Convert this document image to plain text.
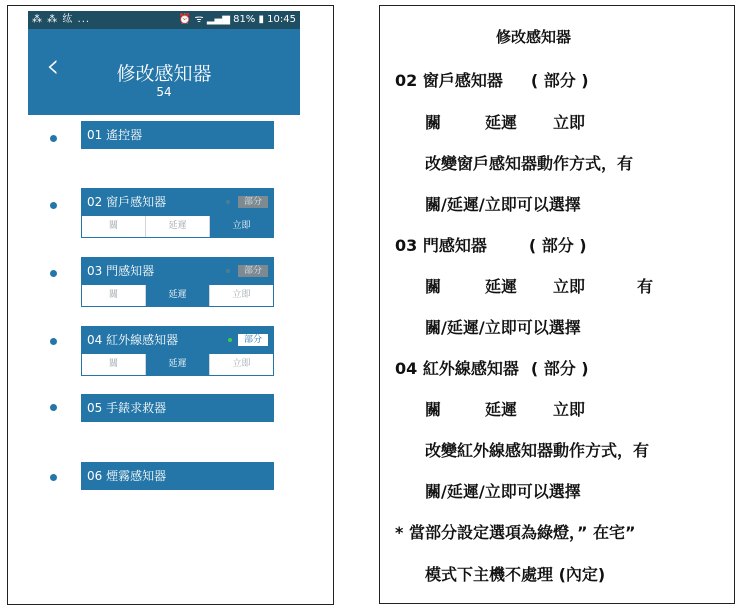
⁂ ⁂ 纮 ...	⏰ ᯤ ▂▄▆ 81% ▮ 10:45
‹	修改感知器
54
01 遙控器
02 窗戶感知器	部分
關	延遲	立即
03 門感知器	部分
關	延遲	立即
04 紅外線感知器	部分
關	延遲	立即
05 手錶求救器
06 煙霧感知器
修改感知器
02 窗戶感知器 ( 部分 )
關	延遲 立即
改變窗戶感知器動作方式，有
關/延遲/立即可以選擇
03 門感知器	( 部分 )
關	延遲 立即	有
關/延遲/立即可以選擇
04 紅外線感知器 ( 部分 )
關	延遲 立即
改變紅外線感知器動作方式，有
關/延遲/立即可以選擇
* 當部分設定選項為綠燈，” 在宅”
模式下主機不處理 (內定)
